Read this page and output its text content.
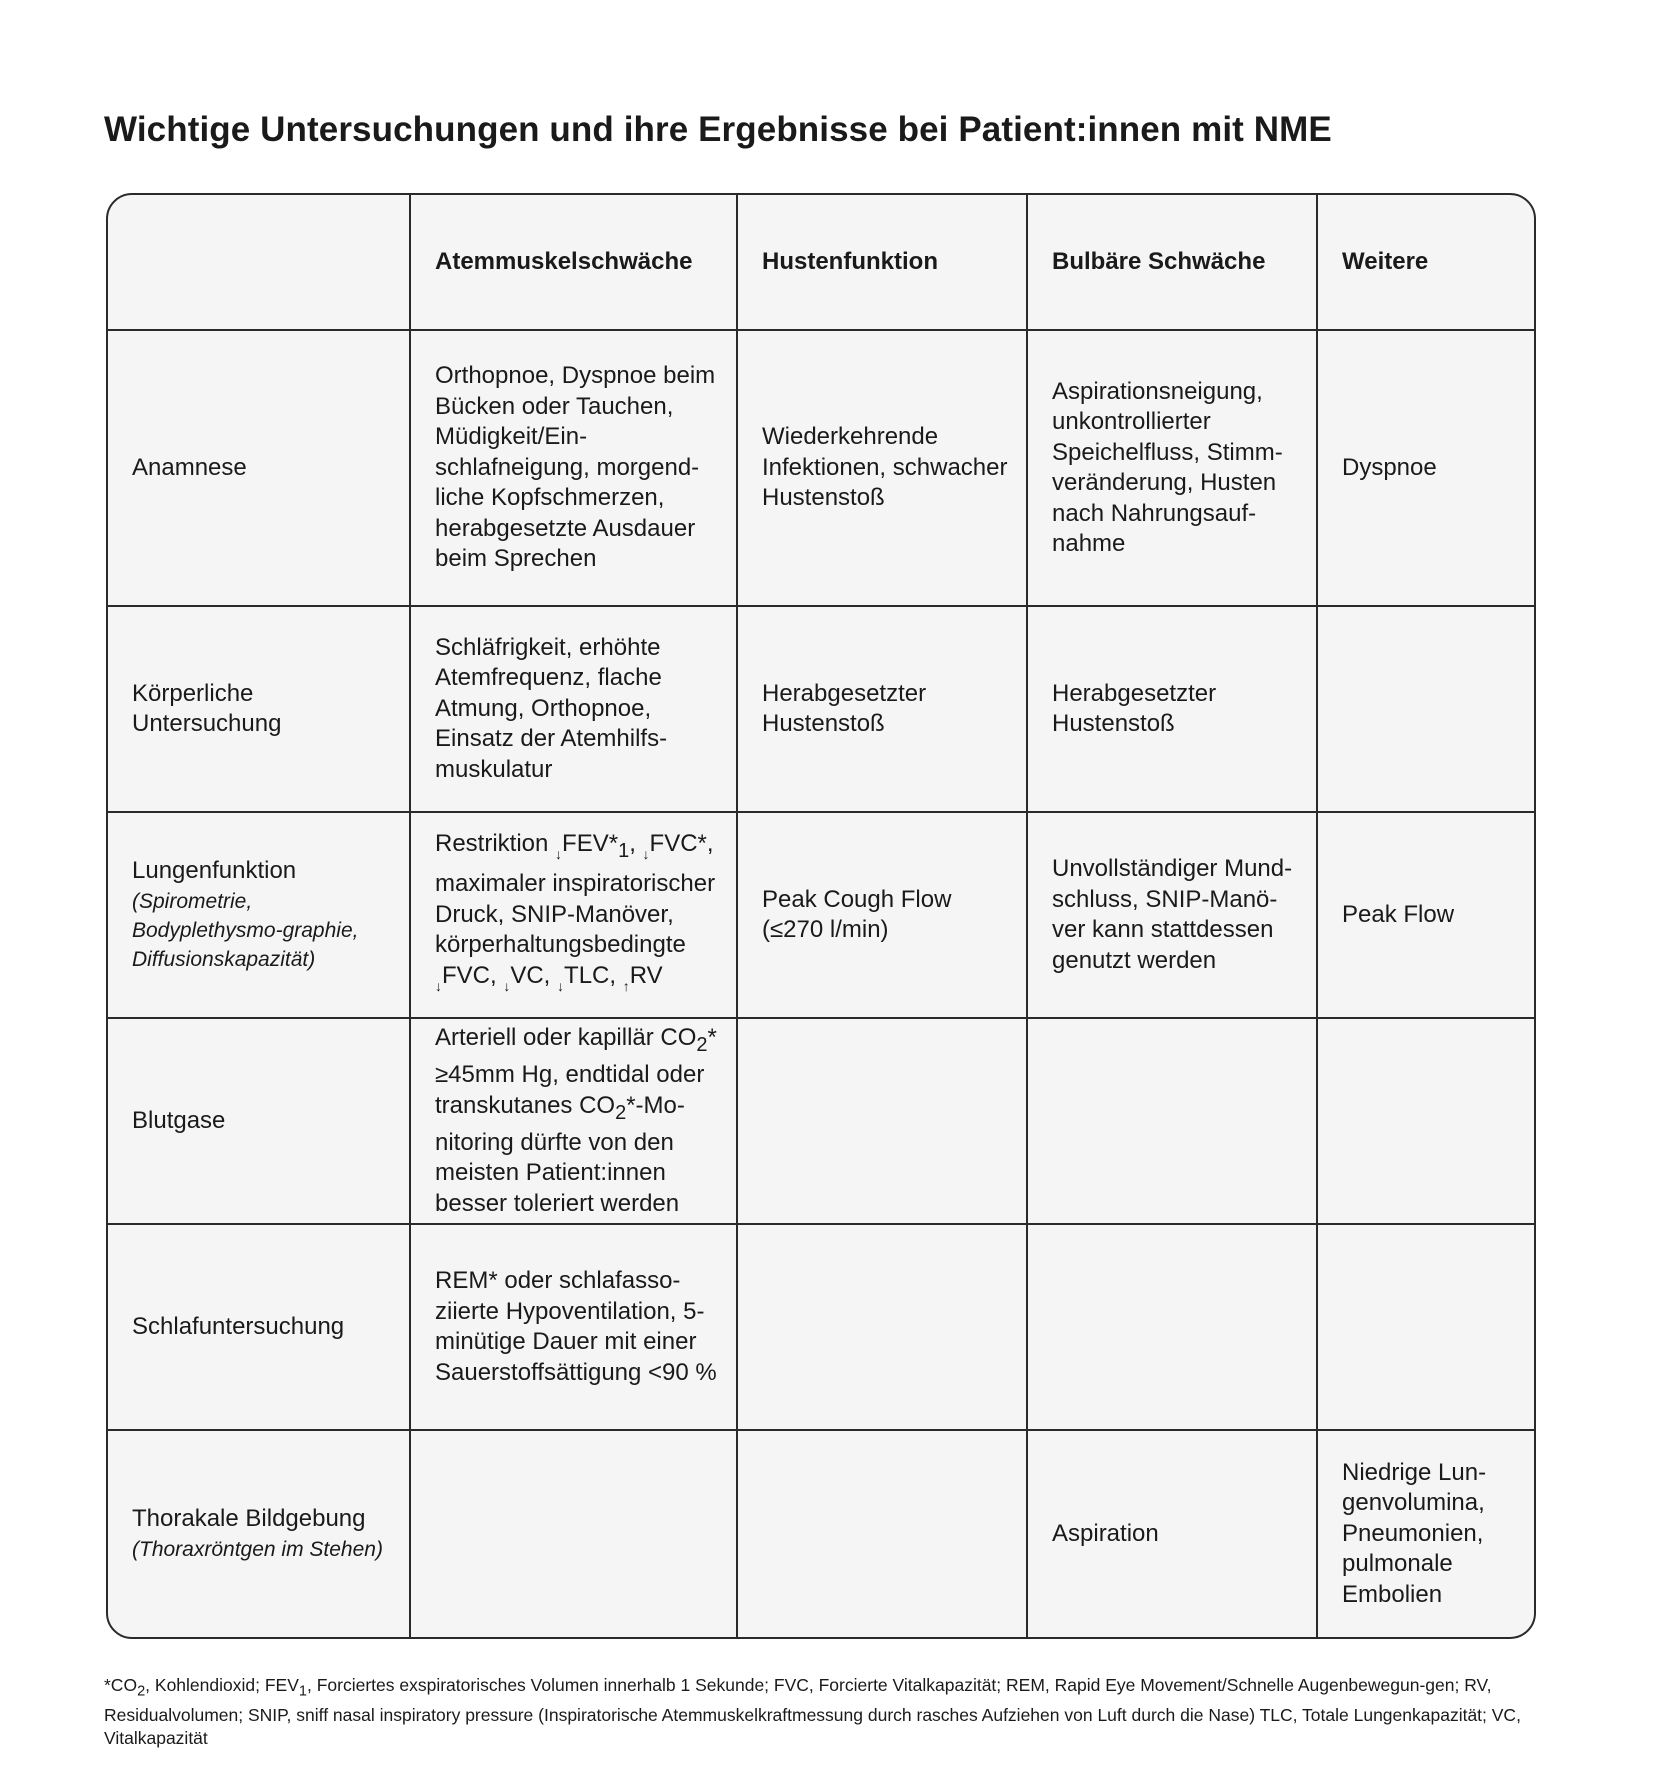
Wichtige Untersuchungen und ihre Ergebnisse bei Patient:innen mit NME
	Atemmuskelschwäche	Hustenfunktion	Bulbäre Schwäche	Weitere

Anamnese	Orthopnoe, Dyspnoe beim Bücken oder Tauchen, Müdigkeit/Ein-schlafneigung, morgend-liche Kopfschmerzen, herabgesetzte Ausdauer beim Sprechen	Wiederkehrende Infektionen, schwacher Hustenstoß	Aspirationsneigung, unkontrollierter Speichelfluss, Stimm-veränderung, Husten nach Nahrungsauf-nahme	Dyspnoe

Körperliche Untersuchung	Schläfrigkeit, erhöhte Atemfrequenz, flache Atmung, Orthopnoe, Einsatz der Atemhilfs-muskulatur	Herabgesetzter Hustenstoß	Herabgesetzter Hustenstoß	

Lungenfunktion
(Spirometrie, Bodyplethysmo-graphie, Diffusionskapazität)	Restriktion $_↓FEV*_1$, $_↓$FVC*, maximaler inspiratorischer Druck, SNIP-Manöver, körperhaltungsbedingte $_↓$FVC, $_↓$VC, $_↓$TLC, $_↑$RV	Peak Cough Flow (≤270 l/min)	Unvollständiger Mund-schluss, SNIP-Manö-ver kann stattdessen genutzt werden	Peak Flow

Blutgase	Arteriell oder kapillär $CO_2* \ge 45mm$ Hg, endtidal oder transkutanes $CO_2*-Mo$-nitoring dürfte von den meisten Patient:innen besser toleriert werden			

Schlafuntersuchung	REM* oder schlafasso-ziierte Hypoventilation, 5-minütige Dauer mit einer Sauerstoffsättigung <90 %			

Thorakale Bildgebung
(Thoraxröntgen im Stehen)			Aspiration	Niedrige Lun-genvolumina, Pneumonien, pulmonale Embolien

$*CO_2$, Kohlendioxid; $FEV_1$, Forciertes exspiratorisches Volumen innerhalb 1 Sekunde; FVC, Forcierte Vitalkapazität; REM, Rapid Eye Movement/Schnelle Augenbewegun-gen; RV, Residualvolumen; SNIP, sniff nasal inspiratory pressure (Inspiratorische Atemmuskelkraftmessung durch rasches Aufziehen von Luft durch die Nase) TLC, Totale Lungenkapazität; VC, Vitalkapazität
